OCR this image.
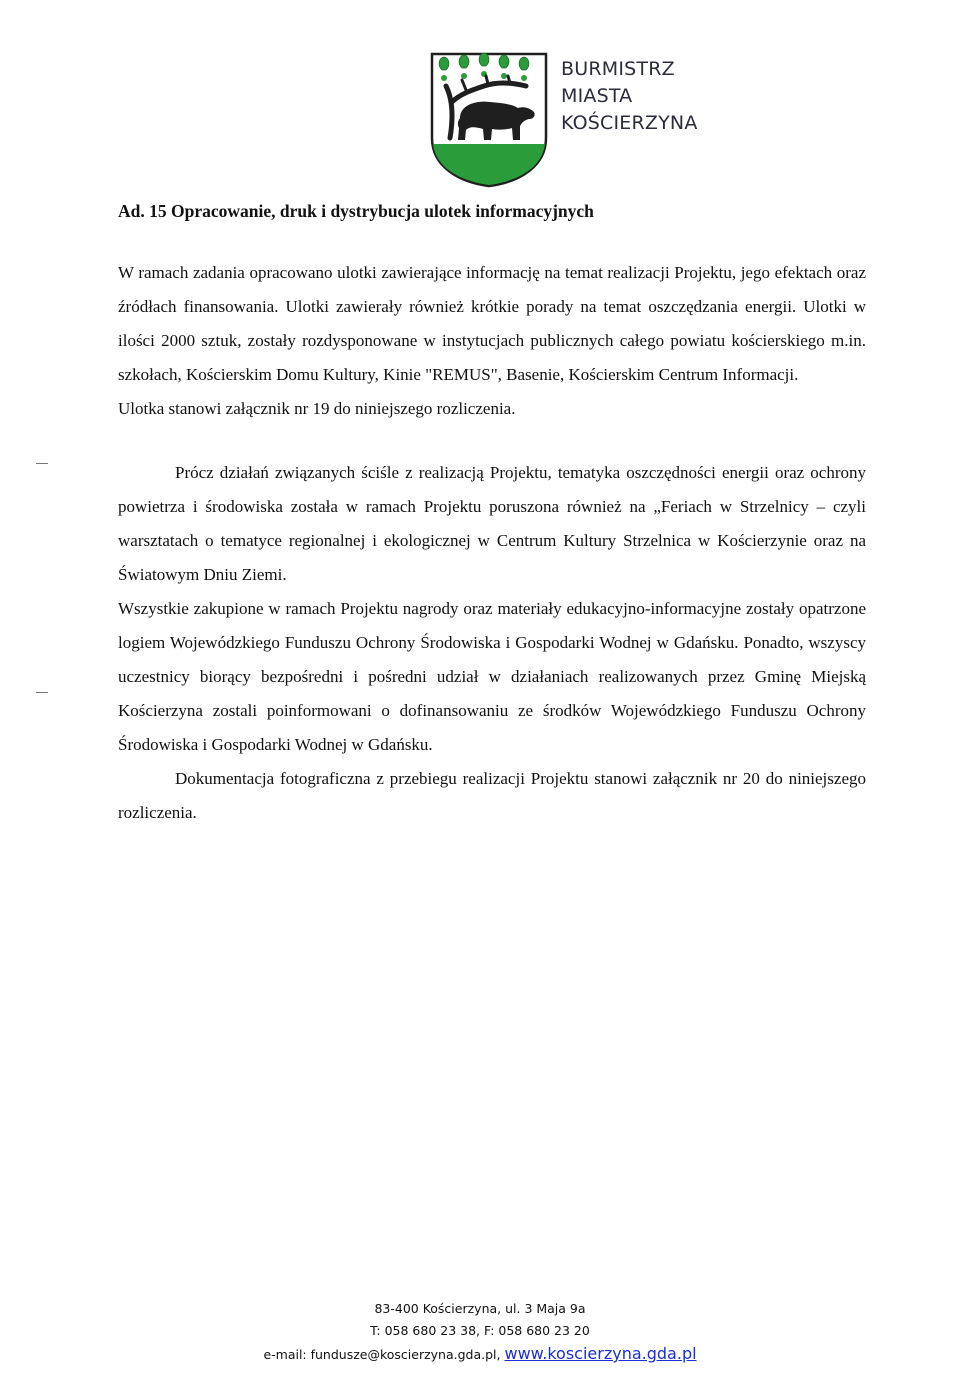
BURMISTRZ
MIASTA
KOŚCIERZYNA

Ad. 15 Opracowanie, druk i dystrybucja ulotek informacyjnych

W ramach zadania opracowano ulotki zawierające informację na temat realizacji Projektu, jego efektach oraz źródłach finansowania. Ulotki zawierały również krótkie porady na temat oszczędzania energii. Ulotki w ilości 2000 sztuk, zostały rozdysponowane w instytucjach publicznych całego powiatu kościerskiego m.in. szkołach, Kościerskim Domu Kultury, Kinie "REMUS", Basenie, Kościerskim Centrum Informacji.

Ulotka stanowi załącznik nr 19 do niniejszego rozliczenia.

Prócz działań związanych ściśle z realizacją Projektu, tematyka oszczędności energii oraz ochrony powietrza i środowiska została w ramach Projektu poruszona również na „Feriach w Strzelnicy – czyli warsztatach o tematyce regionalnej i ekologicznej w Centrum Kultury Strzelnica w Kościerzynie oraz na Światowym Dniu Ziemi.

Wszystkie zakupione w ramach Projektu nagrody oraz materiały edukacyjno-informacyjne zostały opatrzone logiem Wojewódzkiego Funduszu Ochrony Środowiska i Gospodarki Wodnej w Gdańsku. Ponadto, wszyscy uczestnicy biorący bezpośredni i pośredni udział w działaniach realizowanych przez Gminę Miejską Kościerzyna zostali poinformowani o dofinansowaniu ze środków Wojewódzkiego Funduszu Ochrony Środowiska i Gospodarki Wodnej w Gdańsku.

Dokumentacja fotograficzna z przebiegu realizacji Projektu stanowi załącznik nr 20 do niniejszego rozliczenia.

83-400 Kościerzyna, ul. 3 Maja 9a
T: 058 680 23 38, F: 058 680 23 20
e-mail: fundusze@koscierzyna.gda.pl, www.koscierzyna.gda.pl
